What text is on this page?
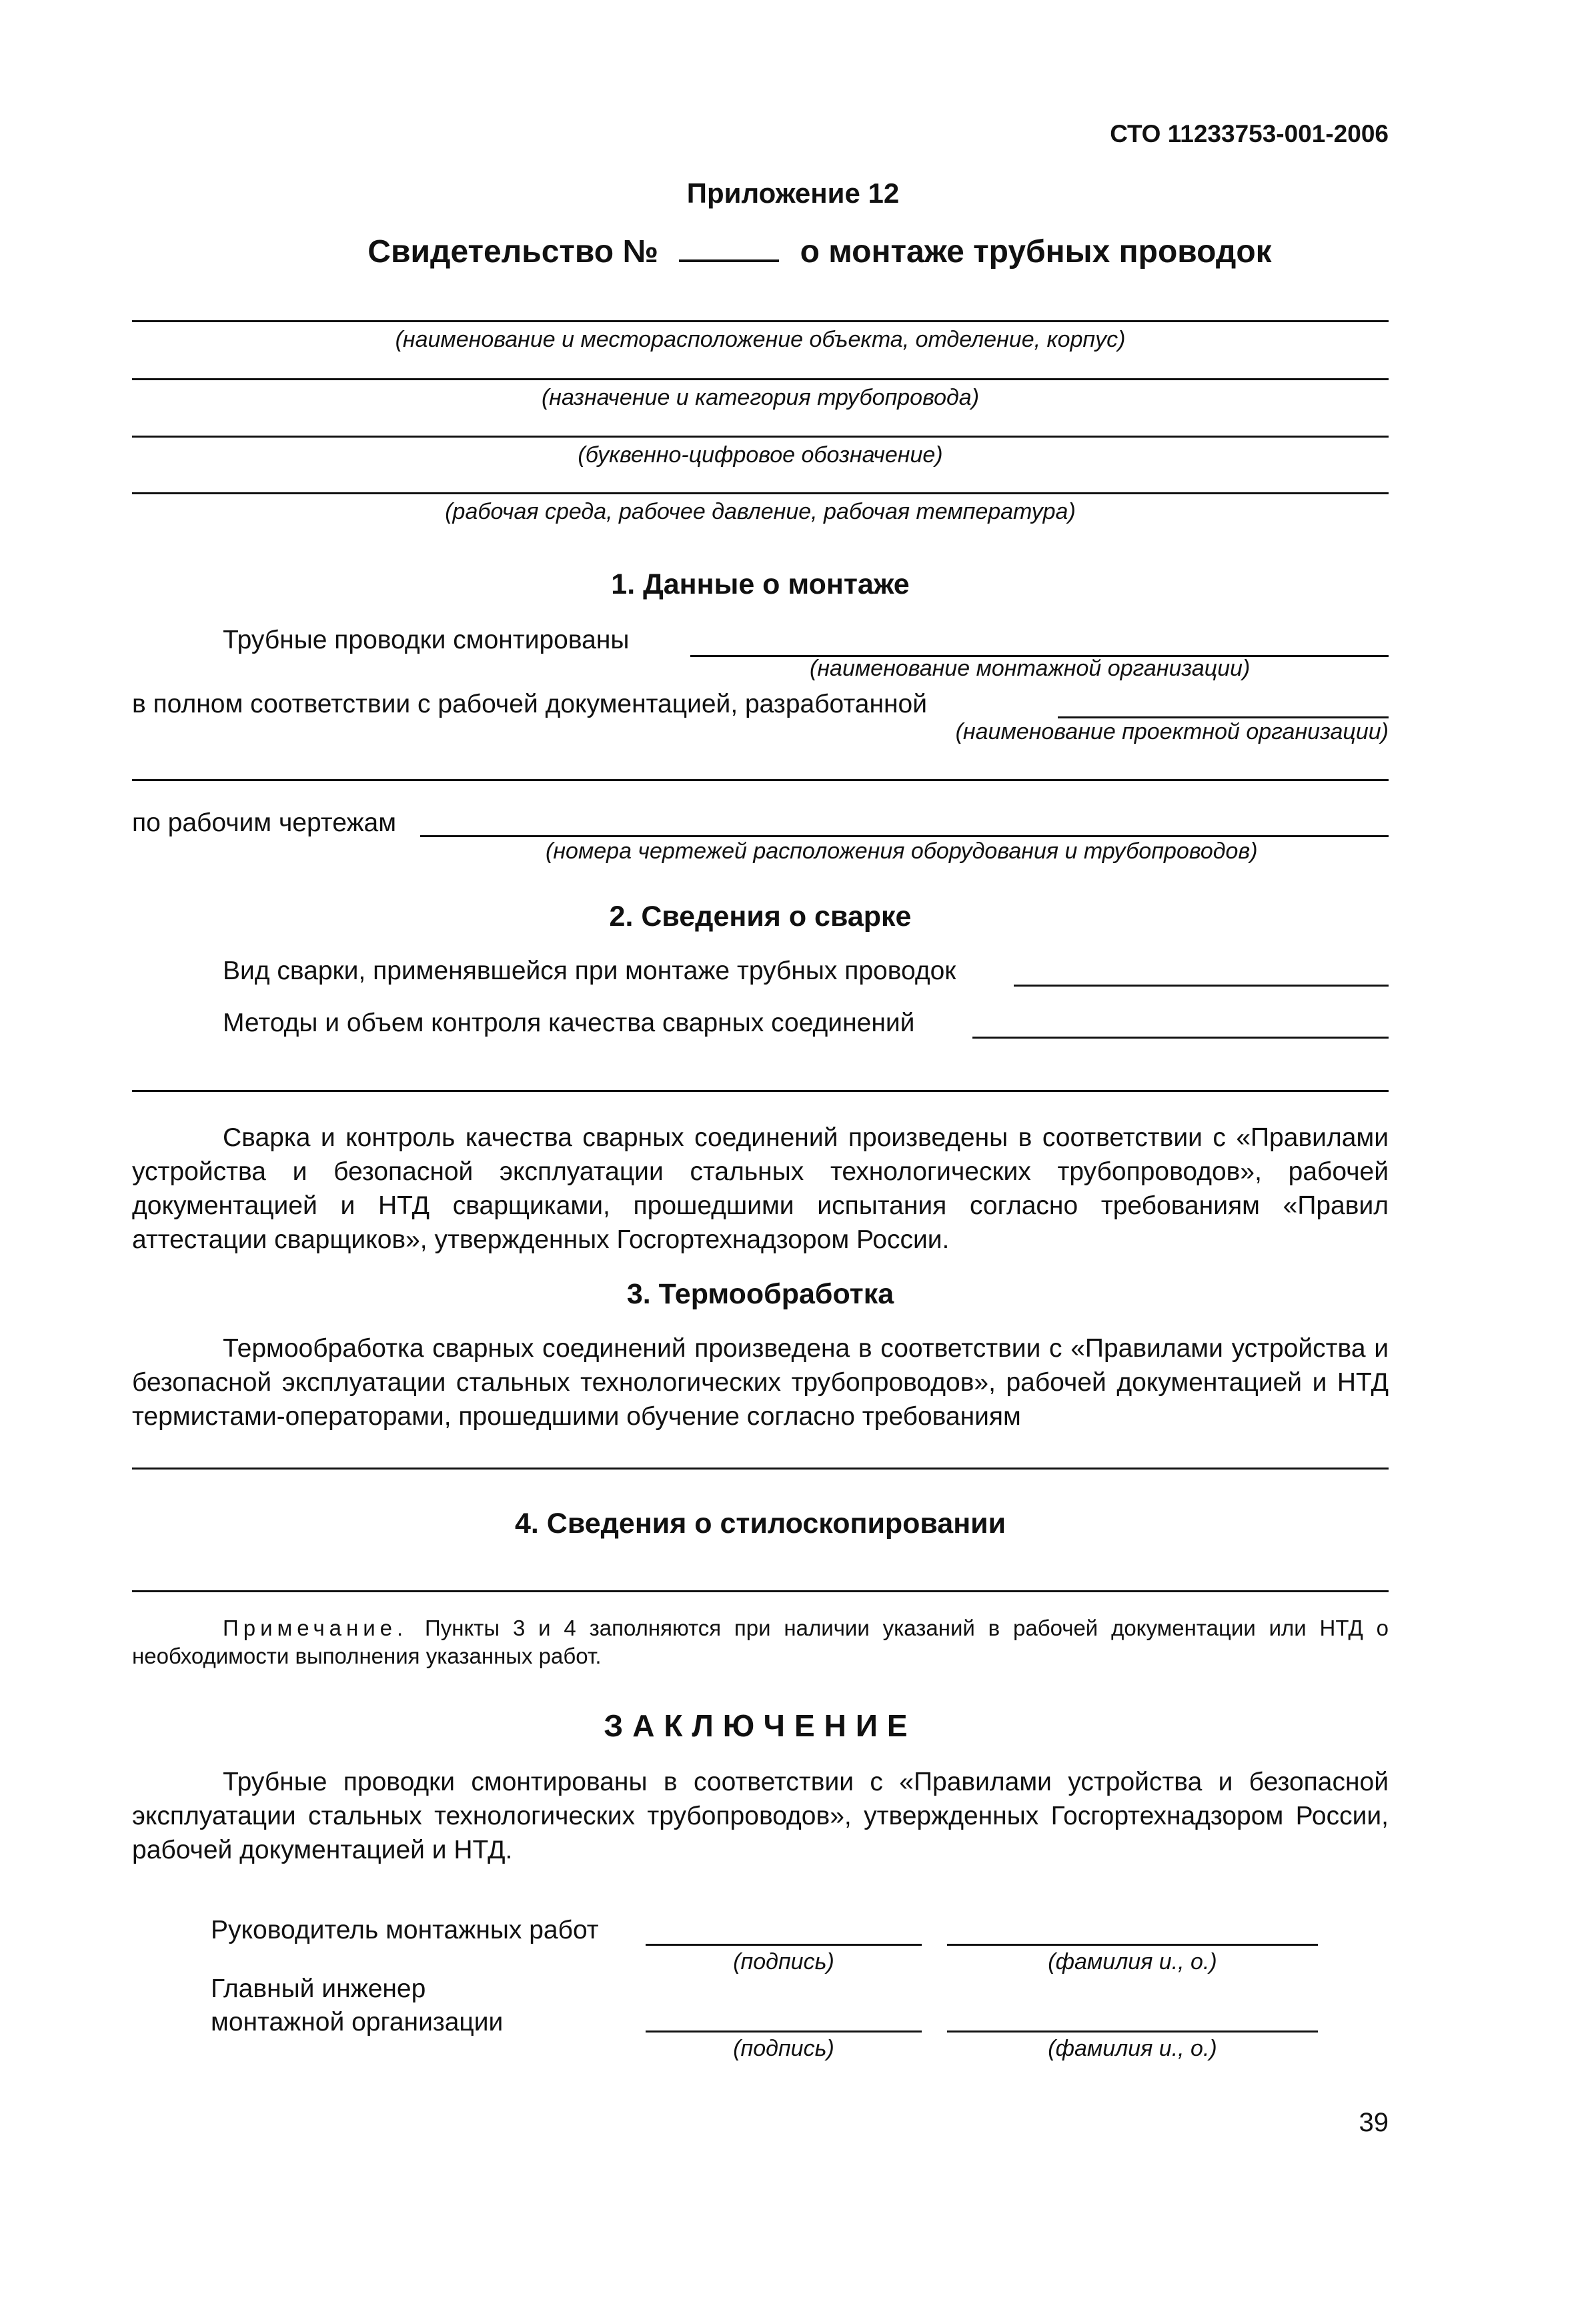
СТО 11233753-001-2006
Приложение 12
Свидетельство №	о монтаже трубных проводок
(наименование и месторасположение объекта, отделение, корпус)
(назначение и категория трубопровода)
(буквенно-цифровое обозначение)
(рабочая среда, рабочее давление, рабочая температура)
1. Данные о монтаже
Трубные проводки смонтированы
(наименование монтажной организации)
в полном соответствии с рабочей документацией, разработанной
(наименование проектной организации)
по рабочим чертежам
(номера чертежей расположения оборудования и трубопроводов)
2. Сведения о сварке
Вид сварки, применявшейся при монтаже трубных проводок
Методы и объем контроля качества сварных соединений
Сварка и контроль качества сварных соединений произведены в соответствии с «Правилами устройства и безопасной эксплуатации стальных технологических трубопроводов», рабочей документацией и НТД сварщиками, прошедшими испытания согласно требованиям «Правил аттестации сварщиков», утвержденных Госгортехнадзором России.
3. Термообработка
Термообработка сварных соединений произведена в соответствии с «Правилами устройства и безопасной эксплуатации стальных технологических трубопроводов», рабочей документацией и НТД термистами-операторами, прошедшими обучение согласно требованиям
4. Сведения о стилоскопировании
Примечание. Пункты 3 и 4 заполняются при наличии указаний в рабочей документации или НТД о необходимости выполнения указанных работ.
ЗАКЛЮЧЕНИЕ
Трубные проводки смонтированы в соответствии с «Правилами устройства и безопасной эксплуатации стальных технологических трубопроводов», утвержденных Госгортехнадзором России, рабочей документацией и НТД.
Руководитель монтажных работ
(подпись)	(фамилия и., о.)
Главный инженер
монтажной организации
(подпись)	(фамилия и., о.)
39
